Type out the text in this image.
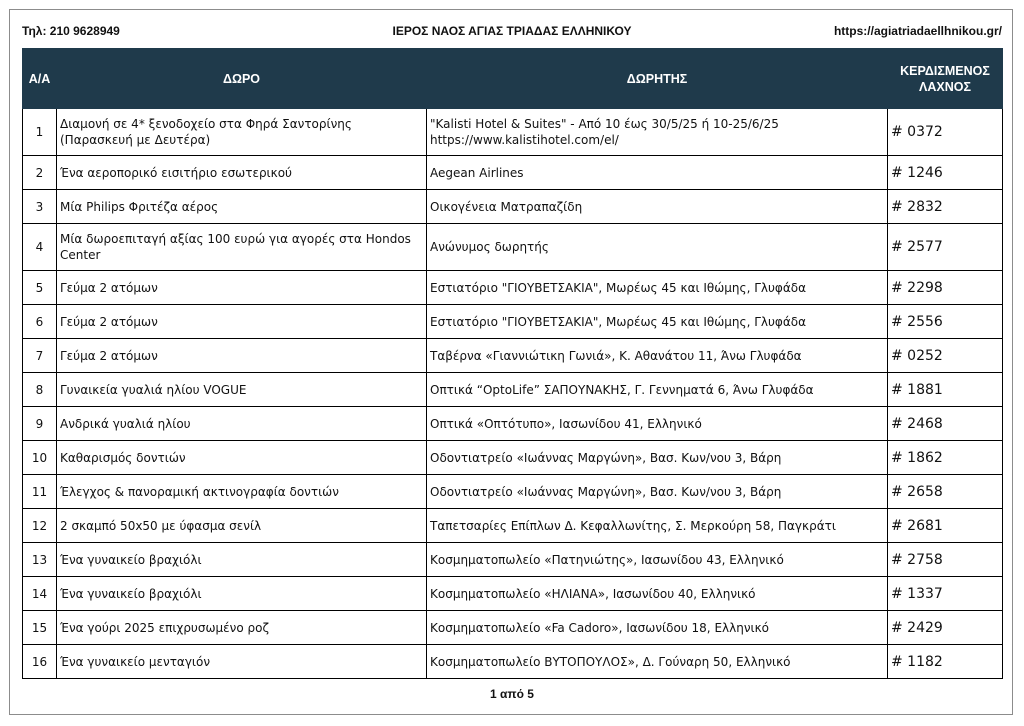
ΙΕΡΟΣ ΝΑΟΣ ΑΓΙΑΣ ΤΡΙΑΔΑΣ ΕΛΛΗΝΙΚΟΥ
Τηλ: 210 9628949	https://agiatriadaellhnikou.gr/
Α/Α	ΔΩΡΟ	ΔΩΡΗΤΗΣ	ΚΕΡΔΙΣΜΕΝΟΣ ΛΑΧΝΟΣ
1	Διαμονή σε 4* ξενοδοχείο στα Φηρά Σαντορίνης (Παρασκευή με Δευτέρα)	"Kalisti Hotel & Suites" - Από 10 έως 30/5/25 ή 10-25/6/25 https://www.kalistihotel.com/el/	# 0372
2	Ένα αεροπορικό εισιτήριο εσωτερικού	Aegean Airlines	# 1246
3	Μία Philips Φριτέζα αέρος	Οικογένεια Ματραπαζίδη	# 2832
4	Μία δωροεπιταγή αξίας 100 ευρώ για αγορές στα Hondos Center	Ανώνυμος δωρητής	# 2577
5	Γεύμα 2 ατόμων	Εστιατόριο "ΓΙΟΥΒΕΤΣΑΚΙΑ", Μωρέως 45 και Ιθώμης, Γλυφάδα	# 2298
6	Γεύμα 2 ατόμων	Εστιατόριο "ΓΙΟΥΒΕΤΣΑΚΙΑ", Μωρέως 45 και Ιθώμης, Γλυφάδα	# 2556
7	Γεύμα 2 ατόμων	Ταβέρνα «Γιαννιώτικη Γωνιά», Κ. Αθανάτου 11, Άνω Γλυφάδα	# 0252
8	Γυναικεία γυαλιά ηλίου VOGUE	Οπτικά “OptoLife” ΣΑΠΟΥΝΑΚΗΣ, Γ. Γεννηματά 6, Άνω Γλυφάδα	# 1881
9	Ανδρικά γυαλιά ηλίου	Οπτικά «Οπτότυπο», Ιασωνίδου 41, Ελληνικό	# 2468
10	Καθαρισμός δοντιών	Οδοντιατρείο «Ιωάννας Μαργώνη», Βασ. Κων/νου 3, Βάρη	# 1862
11	Έλεγχος & πανοραμική ακτινογραφία δοντιών	Οδοντιατρείο «Ιωάννας Μαργώνη», Βασ. Κων/νου 3, Βάρη	# 2658
12	2 σκαμπό 50x50 με ύφασμα σενίλ	Ταπετσαρίες Επίπλων Δ. Κεφαλλωνίτης, Σ. Μερκούρη 58, Παγκράτι	# 2681
13	Ένα γυναικείο βραχιόλι	Κοσμηματοπωλείο «Πατηνιώτης», Ιασωνίδου 43, Ελληνικό	# 2758
14	Ένα γυναικείο βραχιόλι	Κοσμηματοπωλείο «ΗΛΙΑΝΑ», Ιασωνίδου 40, Ελληνικό	# 1337
15	Ένα γούρι 2025 επιχρυσωμένο ροζ	Κοσμηματοπωλείο «Fa Cadoro», Ιασωνίδου 18, Ελληνικό	# 2429
16	Ένα γυναικείο μενταγιόν	Κοσμηματοπωλείο ΒΥΤΟΠΟΥΛΟΣ», Δ. Γούναρη 50, Ελληνικό	# 1182
1 από 5
